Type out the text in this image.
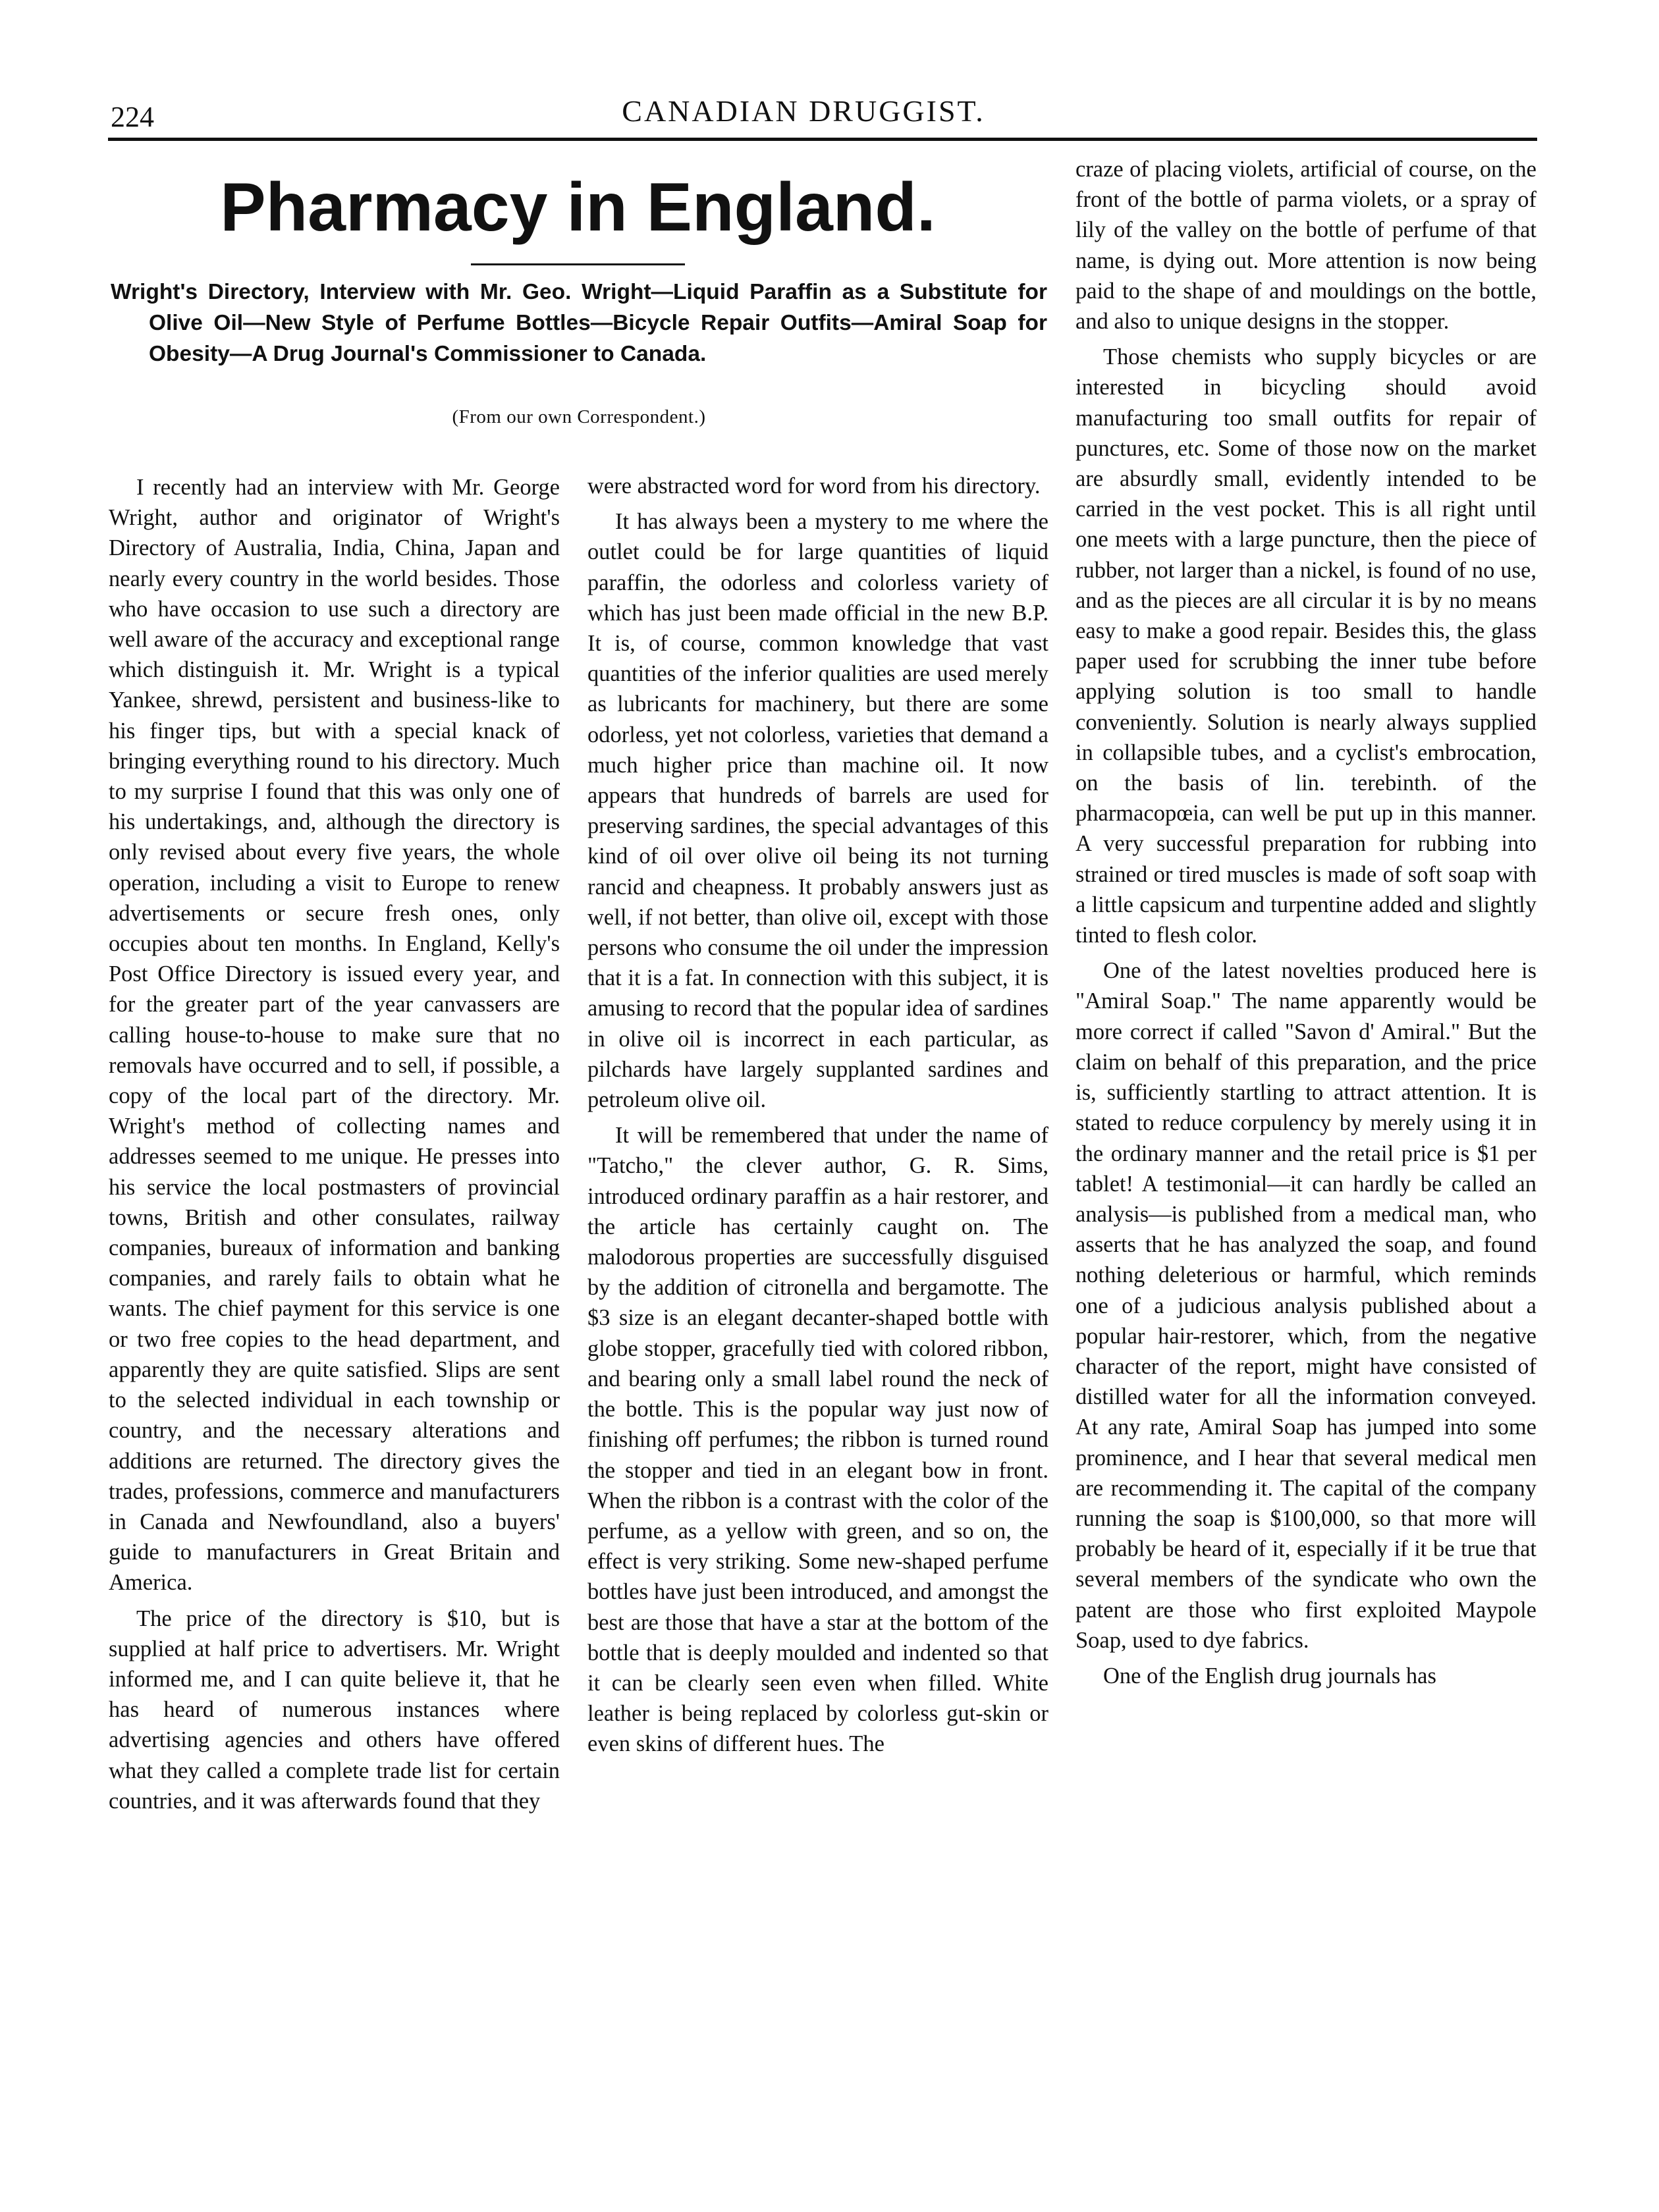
224	CANADIAN DRUGGIST.
Pharmacy in England.
Wright's Directory, Interview with Mr. Geo. Wright—Liquid Paraffin as a Substitute for Olive Oil—New Style of Perfume Bottles—Bicycle Repair Outfits—Amiral Soap for Obesity—A Drug Journal's Commissioner to Canada.
(From our own Correspondent.)

I recently had an interview with Mr. George Wright, author and originator of Wright's Directory of Australia, India, China, Japan and nearly every country in the world besides. Those who have occasion to use such a directory are well aware of the accuracy and exceptional range which distinguish it. Mr. Wright is a typical Yankee, shrewd, persistent and business-like to his finger tips, but with a special knack of bringing everything round to his directory. Much to my surprise I found that this was only one of his undertakings, and, although the directory is only revised about every five years, the whole operation, including a visit to Europe to renew advertisements or secure fresh ones, only occupies about ten months. In England, Kelly's Post Office Directory is issued every year, and for the greater part of the year canvassers are calling house-to-house to make sure that no removals have occurred and to sell, if possible, a copy of the local part of the directory. Mr. Wright's method of collecting names and addresses seemed to me unique. He presses into his service the local postmasters of provincial towns, British and other consulates, railway companies, bureaux of information and banking companies, and rarely fails to obtain what he wants. The chief payment for this service is one or two free copies to the head department, and apparently they are quite satisfied. Slips are sent to the selected individual in each township or country, and the necessary alterations and additions are returned. The directory gives the trades, professions, commerce and manufacturers in Canada and Newfoundland, also a buyers' guide to manufacturers in Great Britain and America.

The price of the directory is $10, but is supplied at half price to advertisers. Mr. Wright informed me, and I can quite believe it, that he has heard of numerous instances where advertising agencies and others have offered what they called a complete trade list for certain countries, and it was afterwards found that they

were abstracted word for word from his directory.

It has always been a mystery to me where the outlet could be for large quantities of liquid paraffin, the odorless and colorless variety of which has just been made official in the new B.P. It is, of course, common knowledge that vast quantities of the inferior qualities are used merely as lubricants for machinery, but there are some odorless, yet not colorless, varieties that demand a much higher price than machine oil. It now appears that hundreds of barrels are used for preserving sardines, the special advantages of this kind of oil over olive oil being its not turning rancid and cheapness. It probably answers just as well, if not better, than olive oil, except with those persons who consume the oil under the impression that it is a fat. In connection with this subject, it is amusing to record that the popular idea of sardines in olive oil is incorrect in each particular, as pilchards have largely supplanted sardines and petroleum olive oil.

It will be remembered that under the name of "Tatcho," the clever author, G. R. Sims, introduced ordinary paraffin as a hair restorer, and the article has certainly caught on. The malodorous properties are successfully disguised by the addition of citronella and bergamotte. The $3 size is an elegant decanter-shaped bottle with globe stopper, gracefully tied with colored ribbon, and bearing only a small label round the neck of the bottle. This is the popular way just now of finishing off perfumes; the ribbon is turned round the stopper and tied in an elegant bow in front. When the ribbon is a contrast with the color of the perfume, as a yellow with green, and so on, the effect is very striking. Some new-shaped perfume bottles have just been introduced, and amongst the best are those that have a star at the bottom of the bottle that is deeply moulded and indented so that it can be clearly seen even when filled. White leather is being replaced by colorless gut-skin or even skins of different hues. The

craze of placing violets, artificial of course, on the front of the bottle of parma violets, or a spray of lily of the valley on the bottle of perfume of that name, is dying out. More attention is now being paid to the shape of and mouldings on the bottle, and also to unique designs in the stopper.

Those chemists who supply bicycles or are interested in bicycling should avoid manufacturing too small outfits for repair of punctures, etc. Some of those now on the market are absurdly small, evidently intended to be carried in the vest pocket. This is all right until one meets with a large puncture, then the piece of rubber, not larger than a nickel, is found of no use, and as the pieces are all circular it is by no means easy to make a good repair. Besides this, the glass paper used for scrubbing the inner tube before applying solution is too small to handle conveniently. Solution is nearly always supplied in collapsible tubes, and a cyclist's embrocation, on the basis of lin. terebinth. of the pharmacopœia, can well be put up in this manner. A very successful preparation for rubbing into strained or tired muscles is made of soft soap with a little capsicum and turpentine added and slightly tinted to flesh color.

One of the latest novelties produced here is "Amiral Soap." The name apparently would be more correct if called "Savon d' Amiral." But the claim on behalf of this preparation, and the price is, sufficiently startling to attract attention. It is stated to reduce corpulency by merely using it in the ordinary manner and the retail price is $1 per tablet! A testimonial—it can hardly be called an analysis—is published from a medical man, who asserts that he has analyzed the soap, and found nothing deleterious or harmful, which reminds one of a judicious analysis published about a popular hair-restorer, which, from the negative character of the report, might have consisted of distilled water for all the information conveyed. At any rate, Amiral Soap has jumped into some prominence, and I hear that several medical men are recommending it. The capital of the company running the soap is $100,000, so that more will probably be heard of it, especially if it be true that several members of the syndicate who own the patent are those who first exploited Maypole Soap, used to dye fabrics.

One of the English drug journals has
